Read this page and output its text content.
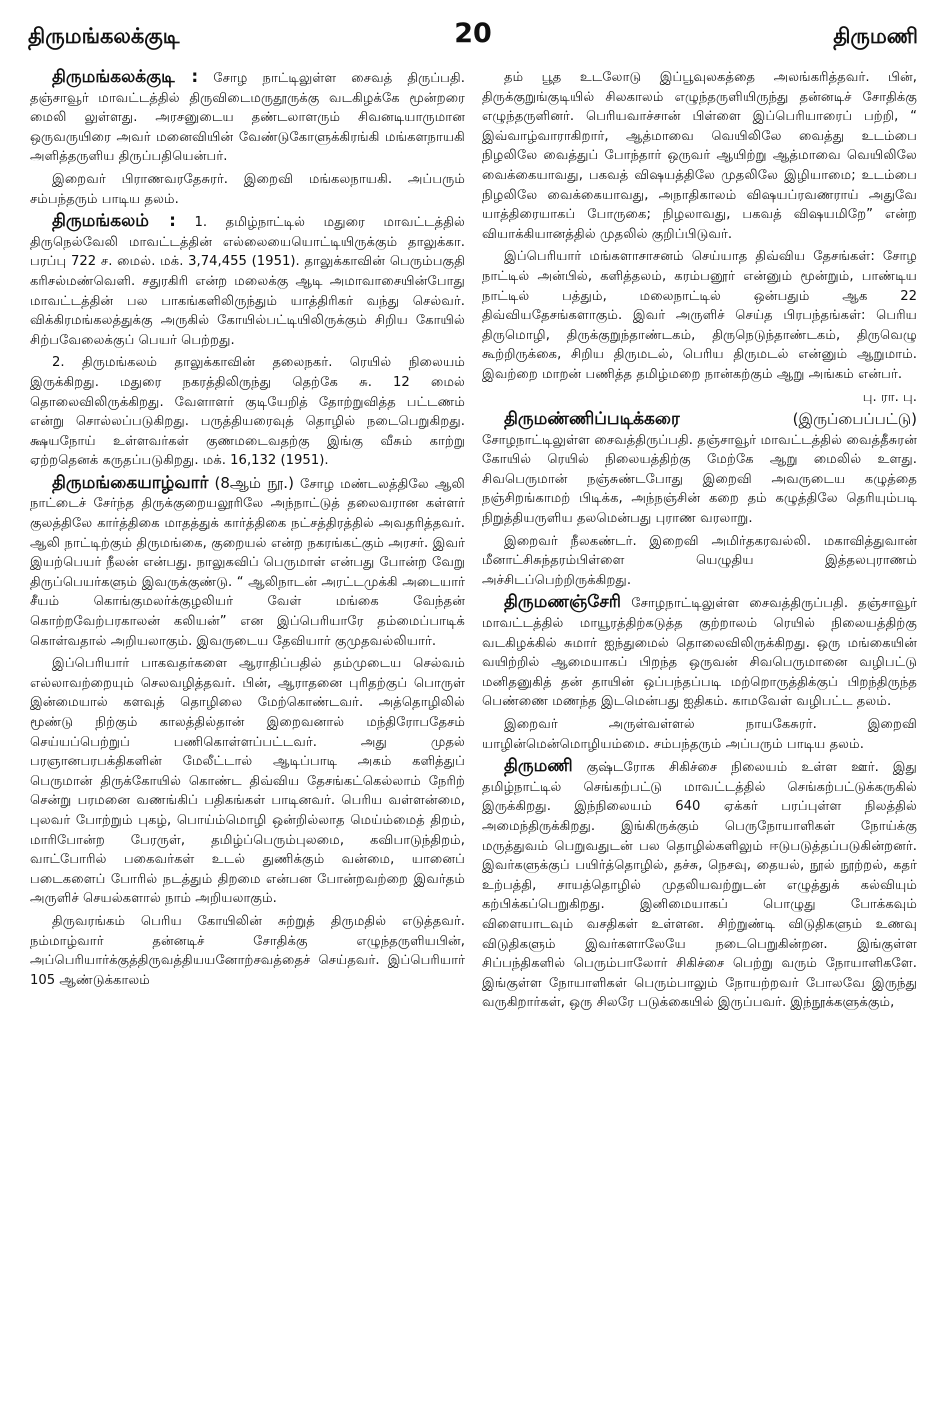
திருமங்கலக்குடி	20	திருமணி

திருமங்கலக்குடி : சோழ நாட்டிலுள்ள சைவத் திருப்பதி. தஞ்சாவூர் மாவட்டத்தில் திருவிடைமருதூருக்கு வடகிழக்கே மூன்றரை மைலி லுள்ளது. அரசனுடைய தண்டலாளரும் சிவனடியாருமான ஒருவருயிரை அவர் மனைவியின் வேண்டுகோளுக்கிரங்கி மங்களநாயகி அளித்தருளிய திருப்பதியென்பர்.

இறைவர் பிராணவரதேசுரர். இறைவி மங்கலநாயகி. அப்பரும் சம்பந்தரும் பாடிய தலம்.

திருமங்கலம் : 1. தமிழ்நாட்டில் மதுரை மாவட்டத்தில் திருநெல்வேலி மாவட்டத்தின் எல்லையையொட்டியிருக்கும் தாலுக்கா. பரப்பு 722 ச. மைல். மக். 3,74,455 (1951). தாலுக்காவின் பெரும்பகுதி கரிசல்மண்வெளி. சதுரகிரி என்ற மலைக்கு ஆடி அமாவாசையின்போது மாவட்டத்தின் பல பாகங்களிலிருந்தும் யாத்திரிகர் வந்து செல்வர். விக்கிரமங்கலத்துக்கு அருகில் கோயில்பட்டியிலிருக்கும் சிறிய கோயில் சிற்பவேலைக்குப் பெயர் பெற்றது.

2. திருமங்கலம் தாலுக்காவின் தலைநகர். ரெயில் நிலையம் இருக்கிறது. மதுரை நகரத்திலிருந்து தெற்கே சு. 12 மைல் தொலைவிலிருக்கிறது. வேளாளர் குடியேறித் தோற்றுவித்த பட்டணம் என்று சொல்லப்படுகிறது. பருத்தியரைவுத் தொழில் நடைபெறுகிறது. க்ஷயநோய் உள்ளவர்கள் குணமடைவதற்கு இங்கு வீசும் காற்று ஏற்றதெனக் கருதப்படுகிறது. மக். 16,132 (1951).

திருமங்கையாழ்வார் (8ஆம் நூ.) சோழ மண்டலத்திலே ஆலி நாட்டைச் சேர்ந்த திருக்குறையலூரிலே அந்நாட்டுத் தலைவரான கள்ளர் குலத்திலே கார்த்திகை மாதத்துக் கார்த்திகை நட்சத்திரத்தில் அவதரித்தவர். ஆலி நாட்டிற்கும் திருமங்கை, குறையல் என்ற நகரங்கட்கும் அரசர். இவர் இயற்பெயர் நீலன் என்பது. நாலுகவிப் பெருமாள் என்பது போன்ற வேறு திருப்பெயர்களும் இவருக்குண்டு. “ ஆலிநாடன் அரட்டமுக்கி அடையார் சீயம் கொங்குமலர்க்குழலியர் வேள் மங்கை வேந்தன் கொற்றவேற்பரகாலன் கலியன்” என இப்பெரியாரே தம்மைப்பாடிக் கொள்வதால் அறியலாகும். இவருடைய தேவியார் குமுதவல்லியார்.

இப்பெரியார் பாகவதர்களை ஆராதிப்பதில் தம்முடைய செல்வம் எல்லாவற்றையும் செலவழித்தவர். பின், ஆராதனை புரிதற்குப் பொருள் இன்மையால் களவுத் தொழிலை மேற்கொண்டவர். அத்தொழிலில் மூண்டு நிற்கும் காலத்தில்தான் இறைவனால் மந்திரோபதேசம் செய்யப்பெற்றுப் பணிகொள்ளப்பட்டவர். அது முதல் பரஞானபரபக்திகளின் மேலீட்டால் ஆடிப்பாடி அகம் களித்துப் பெருமான் திருக்கோயில் கொண்ட திவ்விய தேசங்கட்கெல்லாம் நேரிற் சென்று பரமனை வணங்கிப் பதிகங்கள் பாடினவர். பெரிய வள்ளன்மை, புலவர் போற்றும் புகழ், பொய்ம்மொழி ஒன்றில்லாத மெய்ம்மைத் திறம், மாரிபோன்ற பேரருள், தமிழ்ப்பெரும்புலமை, கவிபாடுந்திறம், வாட்போரில் பகைவர்கள் உடல் துணிக்கும் வன்மை, யானைப் படைகளைப் போரில் நடத்தும் திறமை என்பன போன்றவற்றை இவர்தம் அருளிச் செயல்களால் நாம் அறியலாகும்.

திருவரங்கம் பெரிய கோயிலின் சுற்றுத் திருமதில் எடுத்தவர். நம்மாழ்வார் தன்னடிச் சோதிக்கு எழுந்தருளியபின், அப்பெரியார்க்குத்திருவத்தியயனோற்சவத்தைச் செய்தவர். இப்பெரியார் 105 ஆண்டுக்காலம்

தம் பூத உடலோடு இப்பூவுலகத்தை அலங்கரித்தவர். பின், திருக்குறுங்குடியில் சிலகாலம் எழுந்தருளியிருந்து தன்னடிச் சோதிக்கு எழுந்தருளினர். பெரியவாச்சான் பிள்ளை இப்பெரியாரைப் பற்றி, “ இவ்வாழ்வாராகிறார், ஆத்மாவை வெயிலிலே வைத்து உடம்பை நிழலிலே வைத்துப் போந்தார் ஒருவர் ஆயிற்று ஆத்மாவை வெயிலிலே வைக்கையாவது, பகவத் விஷயத்திலே முதலிலே இழியாமை; உடம்பை நிழலிலே வைக்கையாவது, அநாதிகாலம் விஷயப்ரவணராய் அதுவே யாத்திரையாகப் போருகை; நிழலாவது, பகவத் விஷயமிறே” என்ற வியாக்கியானத்தில் முதலில் குறிப்பிடுவர்.

இப்பெரியார் மங்களாசாசனம் செய்யாத திவ்விய தேசங்கள்: சோழ நாட்டில் அன்பில், களித்தலம், கரம்பனூர் என்னும் மூன்றும், பாண்டிய நாட்டில் பத்தும், மலைநாட்டில் ஒன்பதும் ஆக 22 திவ்வியதேசங்களாகும். இவர் அருளிச் செய்த பிரபந்தங்கள்: பெரிய திருமொழி, திருக்குறுந்தாண்டகம், திருநெடுந்தாண்டகம், திருவெழு கூற்றிருக்கை, சிறிய திருமடல், பெரிய திருமடல் என்னும் ஆறுமாம். இவற்றை மாறன் பணித்த தமிழ்மறை நான்கற்கும் ஆறு அங்கம் என்பர்.

பு. ரா. பு.

திருமண்ணிப்படிக்கரை	(இருப்பைப்பட்டு) சோழநாட்டிலுள்ள சைவத்திருப்பதி. தஞ்சாவூர் மாவட்டத்தில் வைத்தீசுரன் கோயில் ரெயில் நிலையத்திற்கு மேற்கே ஆறு மைலில் உளது. சிவபெருமான் நஞ்சுண்டபோது இறைவி அவருடைய கழுத்தை நஞ்சிறங்காமற் பிடிக்க, அந்நஞ்சின் கறை தம் கழுத்திலே தெரியும்படி நிறுத்தியருளிய தலமென்பது புராண வரலாறு.

இறைவர் நீலகண்டர். இறைவி அமிர்தகரவல்லி. மகாவித்துவான் மீனாட்சிசுந்தரம்பிள்ளை யெழுதிய இத்தலபுராணம் அச்சிடப்பெற்றிருக்கிறது.

திருமணஞ்சேரி சோழநாட்டிலுள்ள சைவத்திருப்பதி. தஞ்சாவூர் மாவட்டத்தில் மாயூரத்திற்கடுத்த குற்றாலம் ரெயில் நிலையத்திற்கு வடகிழக்கில் சுமார் ஐந்துமைல் தொலைவிலிருக்கிறது. ஒரு மங்கையின் வயிற்றில் ஆமையாகப் பிறந்த ஒருவன் சிவபெருமானை வழிபட்டு மனிதனுகித் தன் தாயின் ஒப்பந்தப்படி மற்றொருத்திக்குப் பிறந்திருந்த பெண்ணை மணந்த இடமென்பது ஐதிகம். காமவேள் வழிபட்ட தலம்.

இறைவர் அருள்வள்ளல் நாயகேசுரர். இறைவி யாழின்மென்மொழியம்மை. சம்பந்தரும் அப்பரும் பாடிய தலம்.

திருமணி குஷ்டரோக சிகிச்சை நிலையம் உள்ள ஊர். இது தமிழ்நாட்டில் செங்கற்பட்டு மாவட்டத்தில் செங்கற்பட்டுக்கருகில் இருக்கிறது. இந்நிலையம் 640 ஏக்கர் பரப்புள்ள நிலத்தில் அமைந்திருக்கிறது. இங்கிருக்கும் பெருநோயாளிகள் நோய்க்கு மருத்துவம் பெறுவதுடன் பல தொழில்களிலும் ஈடுபடுத்தப்படுகின்றனர். இவர்களுக்குப் பயிர்த்தொழில், தச்சு, நெசவு, தையல், நூல் நூற்றல், கதர் உற்பத்தி, சாயத்தொழில் முதலியவற்றுடன் எழுத்துக் கல்வியும் கற்பிக்கப்பெறுகிறது. இனிமையாகப் பொழுது போக்கவும் விளையாடவும் வசதிகள் உள்ளன. சிற்றுண்டி விடுதிகளும் உணவு விடுதிகளும் இவர்களாலேயே நடைபெறுகின்றன. இங்குள்ள சிப்பந்திகளில் பெரும்பாலோர் சிகிச்சை பெற்று வரும் நோயாளிகளே. இங்குள்ள நோயாளிகள் பெரும்பாலும் நோயற்றவர் போலவே இருந்து வருகிறார்கள், ஒரு சிலரே படுக்கையில் இருப்பவர். இந்நூக்களுக்கும்,
